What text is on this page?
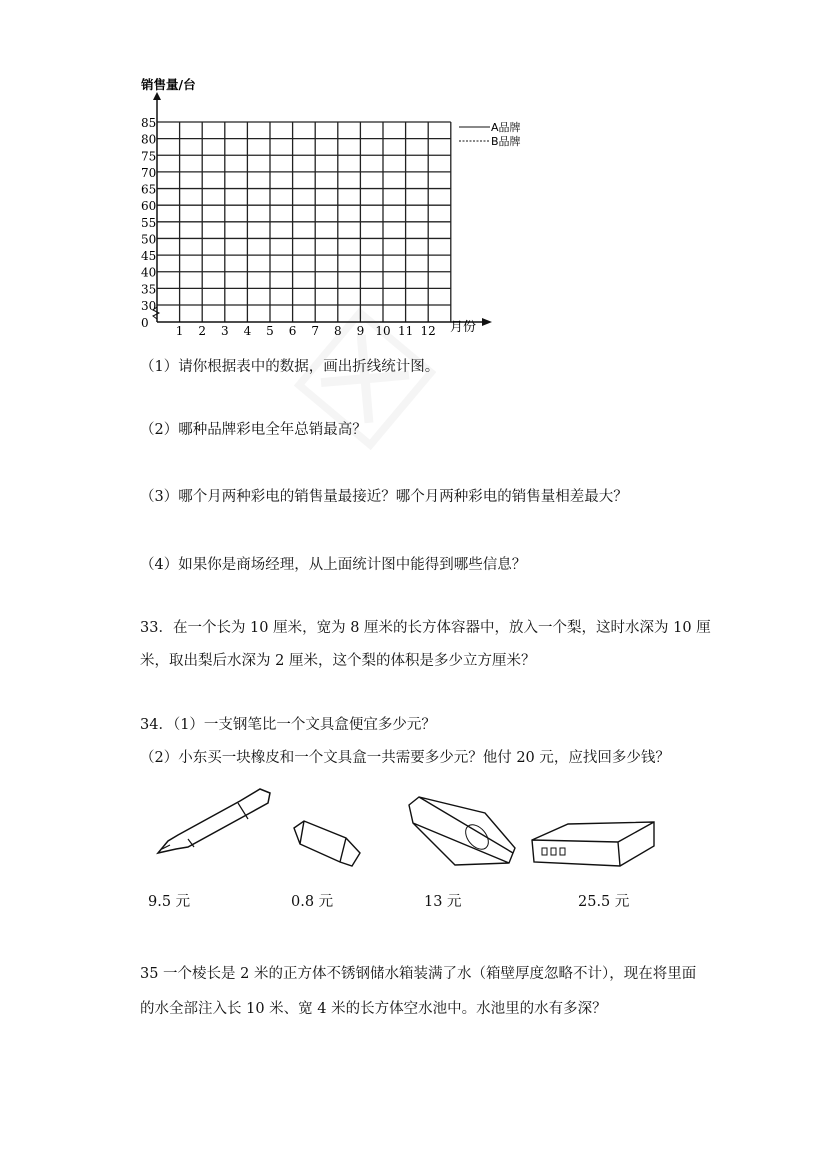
销售量/台
0
30
35
40
45
50
55
60
65
70
75
80
85
1 2 3 4 5 6 7 8 9 10 11 12 月份
A品牌
B品牌
（1）请你根据表中的数据，画出折线统计图。
（2）哪种品牌彩电全年总销最高？
（3）哪个月两种彩电的销售量最接近？哪个月两种彩电的销售量相差最大？
（4）如果你是商场经理，从上面统计图中能得到哪些信息？
33．在一个长为 10 厘米，宽为 8 厘米的长方体容器中，放入一个梨，这时水深为 10 厘
米，取出梨后水深为 2 厘米，这个梨的体积是多少立方厘米？
34．（1）一支钢笔比一个文具盒便宜多少元？
（2）小东买一块橡皮和一个文具盒一共需要多少元？他付 20 元，应找回多少钱？
9.5 元	0.8 元	13 元	25.5 元
35 一个棱长是 2 米的正方体不锈钢储水箱装满了水（箱壁厚度忽略不计），现在将里面
的水全部注入长 10 米、宽 4 米的长方体空水池中。水池里的水有多深？
